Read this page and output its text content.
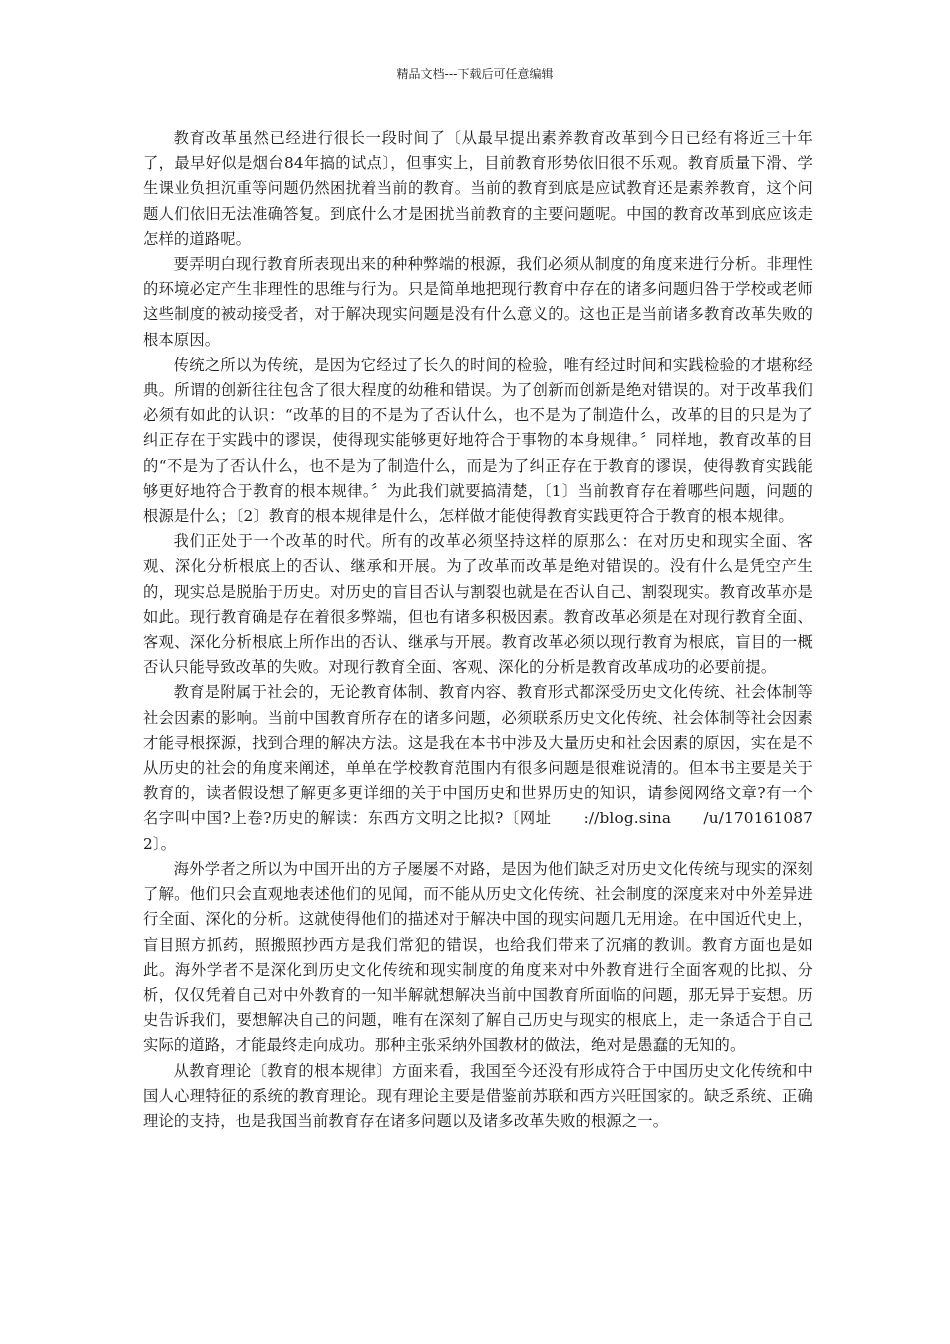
精品文档---下载后可任意编辑

教育改革虽然已经进行很长一段时间了〔从最早提出素养教育改革到今日已经有将近三十年了，最早好似是烟台84年搞的试点〕，但事实上，目前教育形势依旧很不乐观。教育质量下滑、学生课业负担沉重等问题仍然困扰着当前的教育。当前的教育到底是应试教育还是素养教育，这个问题人们依旧无法准确答复。到底什么才是困扰当前教育的主要问题呢。中国的教育改革到底应该走怎样的道路呢。

要弄明白现行教育所表现出来的种种弊端的根源，我们必须从制度的角度来进行分析。非理性的环境必定产生非理性的思维与行为。只是简单地把现行教育中存在的诸多问题归咎于学校或老师这些制度的被动接受者，对于解决现实问题是没有什么意义的。这也正是当前诸多教育改革失败的根本原因。

传统之所以为传统，是因为它经过了长久的时间的检验，唯有经过时间和实践检验的才堪称经典。所谓的创新往往包含了很大程度的幼稚和错误。为了创新而创新是绝对错误的。对于改革我们必须有如此的认识：“改革的目的不是为了否认什么，也不是为了制造什么，改革的目的只是为了纠正存在于实践中的谬误，使得现实能够更好地符合于事物的本身规律。〞同样地，教育改革的目的“不是为了否认什么，也不是为了制造什么，而是为了纠正存在于教育的谬误，使得教育实践能够更好地符合于教育的根本规律。〞为此我们就要搞清楚，〔1〕当前教育存在着哪些问题，问题的根源是什么；〔2〕教育的根本规律是什么，怎样做才能使得教育实践更符合于教育的根本规律。

我们正处于一个改革的时代。所有的改革必须坚持这样的原那么：在对历史和现实全面、客观、深化分析根底上的否认、继承和开展。为了改革而改革是绝对错误的。没有什么是凭空产生的，现实总是脱胎于历史。对历史的盲目否认与割裂也就是在否认自己、割裂现实。教育改革亦是如此。现行教育确是存在着很多弊端，但也有诸多积极因素。教育改革必须是在对现行教育全面、客观、深化分析根底上所作出的否认、继承与开展。教育改革必须以现行教育为根底，盲目的一概否认只能导致改革的失败。对现行教育全面、客观、深化的分析是教育改革成功的必要前提。

教育是附属于社会的，无论教育体制、教育内容、教育形式都深受历史文化传统、社会体制等社会因素的影响。当前中国教育所存在的诸多问题，必须联系历史文化传统、社会体制等社会因素才能寻根探源，找到合理的解决方法。这是我在本书中涉及大量历史和社会因素的原因，实在是不从历史的社会的角度来阐述，单单在学校教育范围内有很多问题是很难说清的。但本书主要是关于教育的，读者假设想了解更多更详细的关于中国历史和世界历史的知识，请参阅网络文章?有一个名字叫中国?上卷?历史的解读：东西方文明之比拟?〔网址　　://blog.sina　　/u/1701610872〕。

海外学者之所以为中国开出的方子屡屡不对路，是因为他们缺乏对历史文化传统与现实的深刻了解。他们只会直观地表述他们的见闻，而不能从历史文化传统、社会制度的深度来对中外差异进行全面、深化的分析。这就使得他们的描述对于解决中国的现实问题几无用途。在中国近代史上，盲目照方抓药，照搬照抄西方是我们常犯的错误，也给我们带来了沉痛的教训。教育方面也是如此。海外学者不是深化到历史文化传统和现实制度的角度来对中外教育进行全面客观的比拟、分析，仅仅凭着自己对中外教育的一知半解就想解决当前中国教育所面临的问题，那无异于妄想。历史告诉我们，要想解决自己的问题，唯有在深刻了解自己历史与现实的根底上，走一条适合于自己实际的道路，才能最终走向成功。那种主张采纳外国教材的做法，绝对是愚蠢的无知的。

从教育理论〔教育的根本规律〕方面来看，我国至今还没有形成符合于中国历史文化传统和中国人心理特征的系统的教育理论。现有理论主要是借鉴前苏联和西方兴旺国家的。缺乏系统、正确理论的支持，也是我国当前教育存在诸多问题以及诸多改革失败的根源之一。
